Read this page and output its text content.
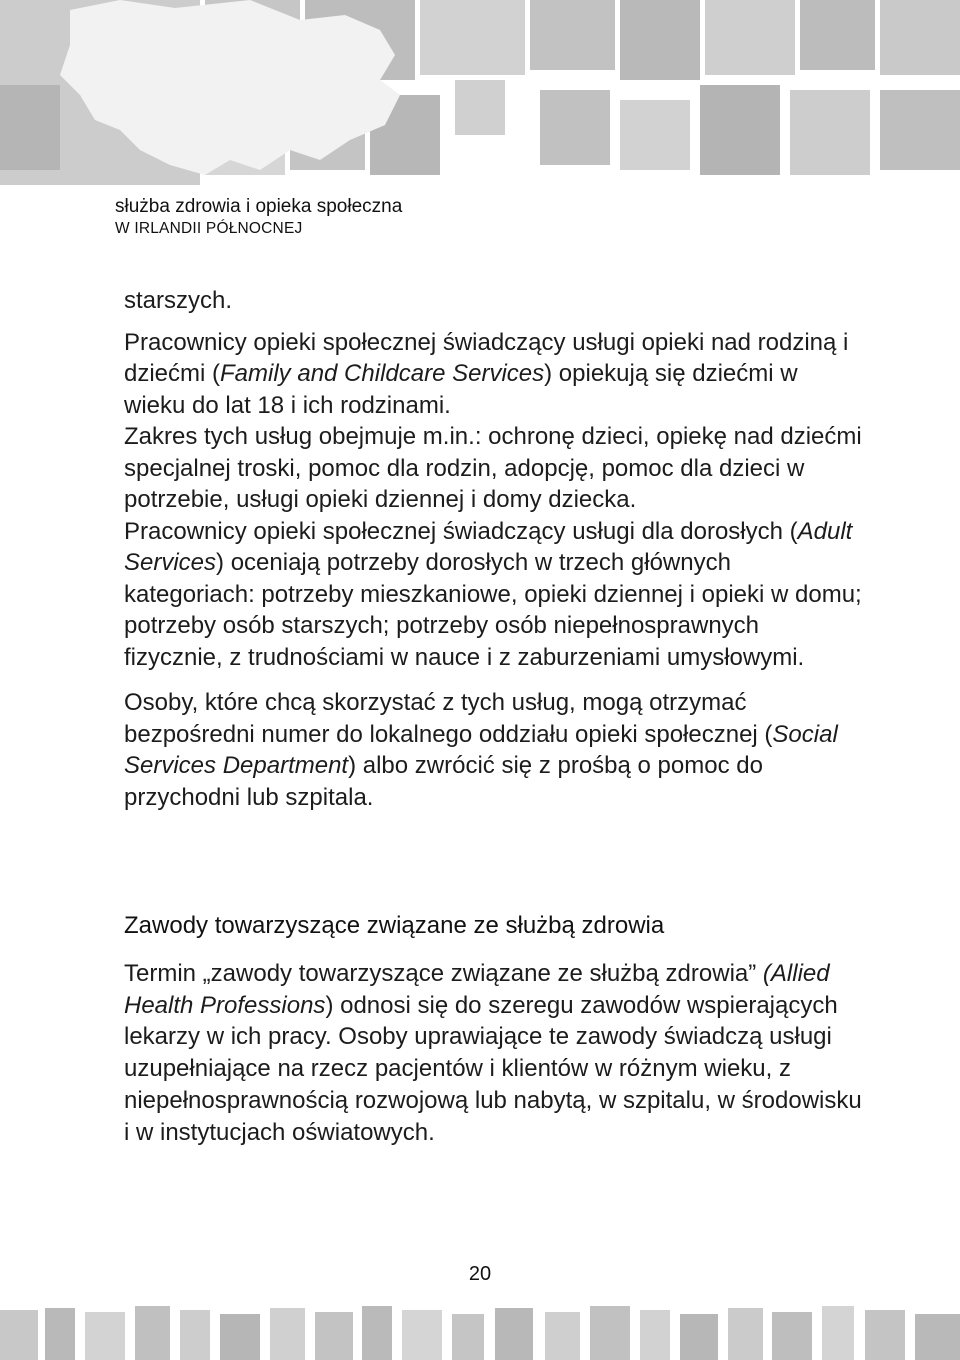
służba zdrowia i opieka społeczna
W IRLANDII PÓŁNOCNEJ

starszych.

Pracownicy opieki społecznej świadczący usługi opieki nad rodziną i dziećmi (Family and Childcare Services) opiekują się dziećmi w wieku do lat 18 i ich rodzinami.
Zakres tych usług obejmuje m.in.: ochronę dzieci, opiekę nad dziećmi specjalnej troski, pomoc dla rodzin, adopcję, pomoc dla dzieci w potrzebie, usługi opieki dziennej i domy dziecka.

Pracownicy opieki społecznej świadczący usługi dla dorosłych (Adult Services) oceniają potrzeby dorosłych w trzech głównych kategoriach: potrzeby mieszkaniowe, opieki dziennej i opieki w domu; potrzeby osób starszych; potrzeby osób niepełnosprawnych fizycznie, z trudnościami w nauce i z zaburzeniami umysłowymi.

Osoby, które chcą skorzystać z tych usług, mogą otrzymać bezpośredni numer do lokalnego oddziału opieki społecznej (Social Services Department) albo zwrócić się z prośbą o pomoc do przychodni lub szpitala.

Zawody towarzyszące związane ze służbą zdrowia

Termin „zawody towarzyszące związane ze służbą zdrowia” (Allied Health Professions) odnosi się do szeregu zawodów wspierających lekarzy w ich pracy. Osoby uprawiające te zawody świadczą usługi uzupełniające na rzecz pacjentów i klientów w różnym wieku, z niepełnosprawnością rozwojową lub nabytą, w szpitalu, w środowisku i w instytucjach oświatowych.

20
